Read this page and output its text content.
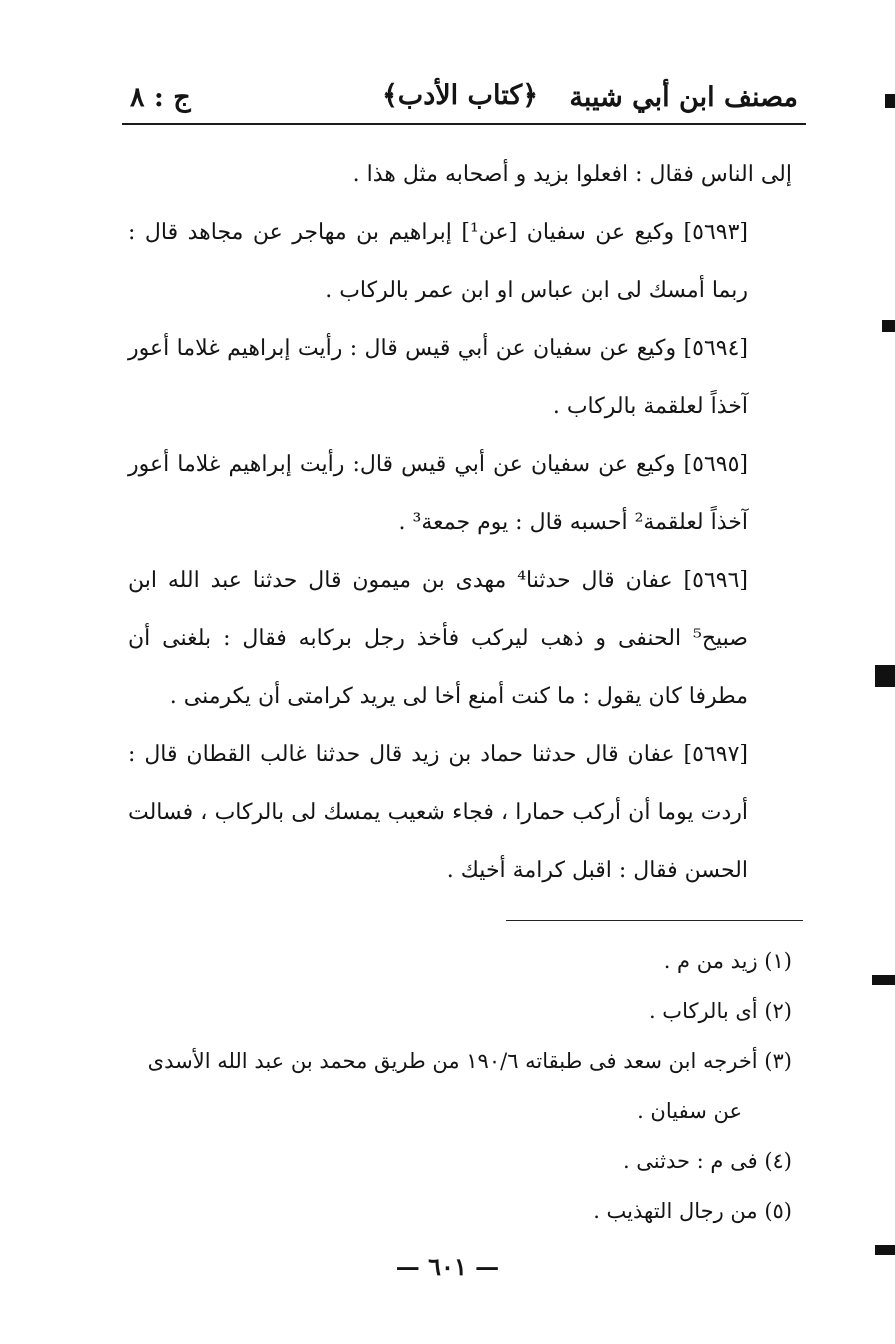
مصنف ابن أبي شيبة
﴿كتاب الأدب﴾
ج : ٨

إلى الناس فقال : افعلوا بزيد و أصحابه مثل هذا .

[٥٦٩٣] وكيع عن سفيان [عن¹] إبراهيم بن مهاجر عن مجاهد قال : ربما أمسك لى ابن عباس او ابن عمر بالركاب .

[٥٦٩٤] وكيع عن سفيان عن أبي قيس قال : رأيت إبراهيم غلاما أعور آخذاً لعلقمة بالركاب .

[٥٦٩٥] وكيع عن سفيان عن أبي قيس قال: رأيت إبراهيم غلاما أعور آخذاً لعلقمة² أحسبه قال : يوم جمعة³ .

[٥٦٩٦] عفان قال حدثنا⁴ مهدى بن ميمون قال حدثنا عبد الله ابن صبيح⁵ الحنفى و ذهب ليركب فأخذ رجل بركابه فقال : بلغنى أن مطرفا كان يقول : ما كنت أمنع أخا لى يريد كرامتى أن يكرمنى .

[٥٦٩٧] عفان قال حدثنا حماد بن زيد قال حدثنا غالب القطان قال : أردت يوما أن أركب حمارا ، فجاء شعيب يمسك لى بالركاب ، فسالت الحسن فقال : اقبل كرامة أخيك .

(١) زيد من م .

(٢) أى بالركاب .

(٣) أخرجه ابن سعد فى طبقاته ١٩٠/٦ من طريق محمد بن عبد الله الأسدى

عن سفيان .

(٤) فى م : حدثنى .

(٥) من رجال التهذيب .

— ٦٠١ —
